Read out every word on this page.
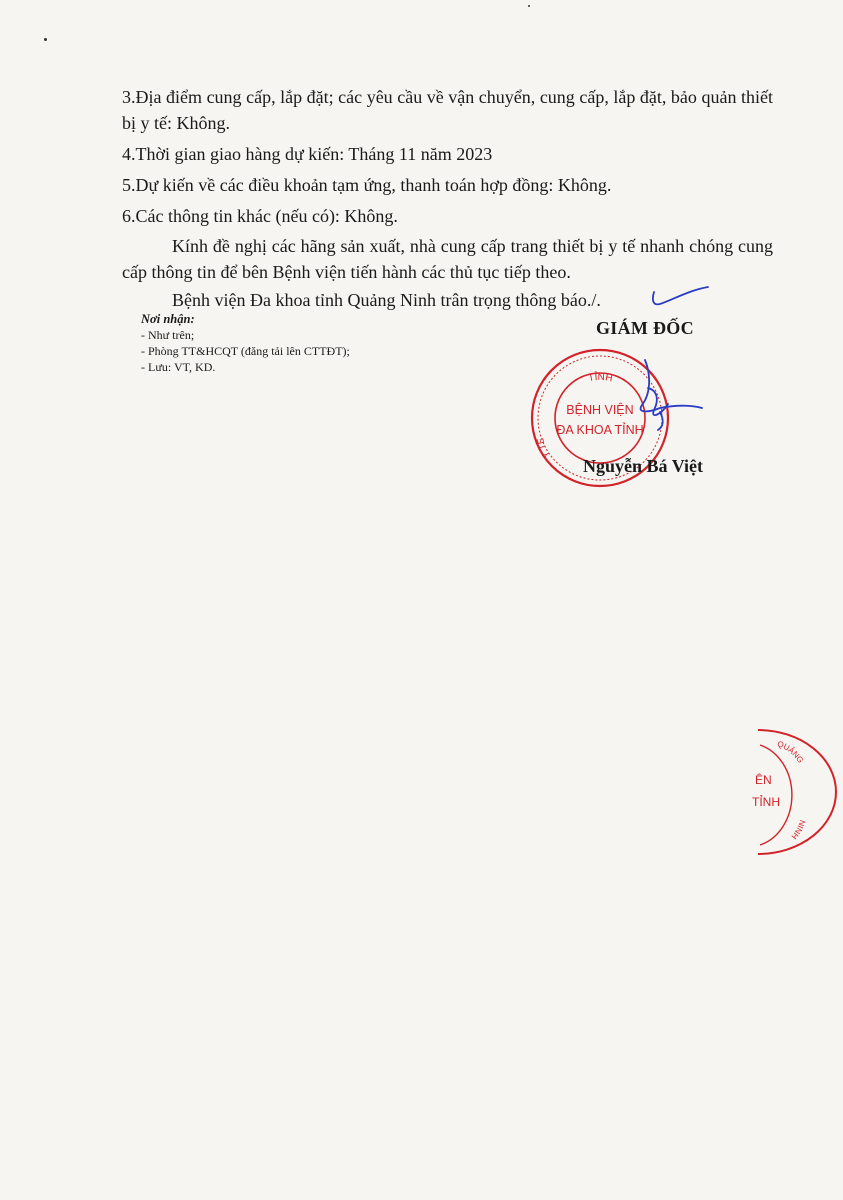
3.Địa điểm cung cấp, lắp đặt; các yêu cầu về vận chuyển, cung cấp, lắp đặt, bảo quản thiết bị y tế: Không.
4.Thời gian giao hàng dự kiến: Tháng 11 năm 2023
5.Dự kiến về các điều khoản tạm ứng, thanh toán hợp đồng: Không.
6.Các thông tin khác (nếu có): Không.
Kính đề nghị các hãng sản xuất, nhà cung cấp trang thiết bị y tế nhanh chóng cung cấp thông tin để bên Bệnh viện tiến hành các thủ tục tiếp theo.
Bệnh viện Đa khoa tỉnh Quảng Ninh trân trọng thông báo./.
Nơi nhận:
- Như trên;
- Phòng TT&HCQT (đăng tải lên CTTĐT);
- Lưu: VT, KD.
GIÁM ĐỐC
TỈNH
Y TẾ
BỆNH VIỆN
ĐA KHOA TỈNH
ÊN
TỈNH
QUẢNG
NINH
Nguyễn Bá Việt
